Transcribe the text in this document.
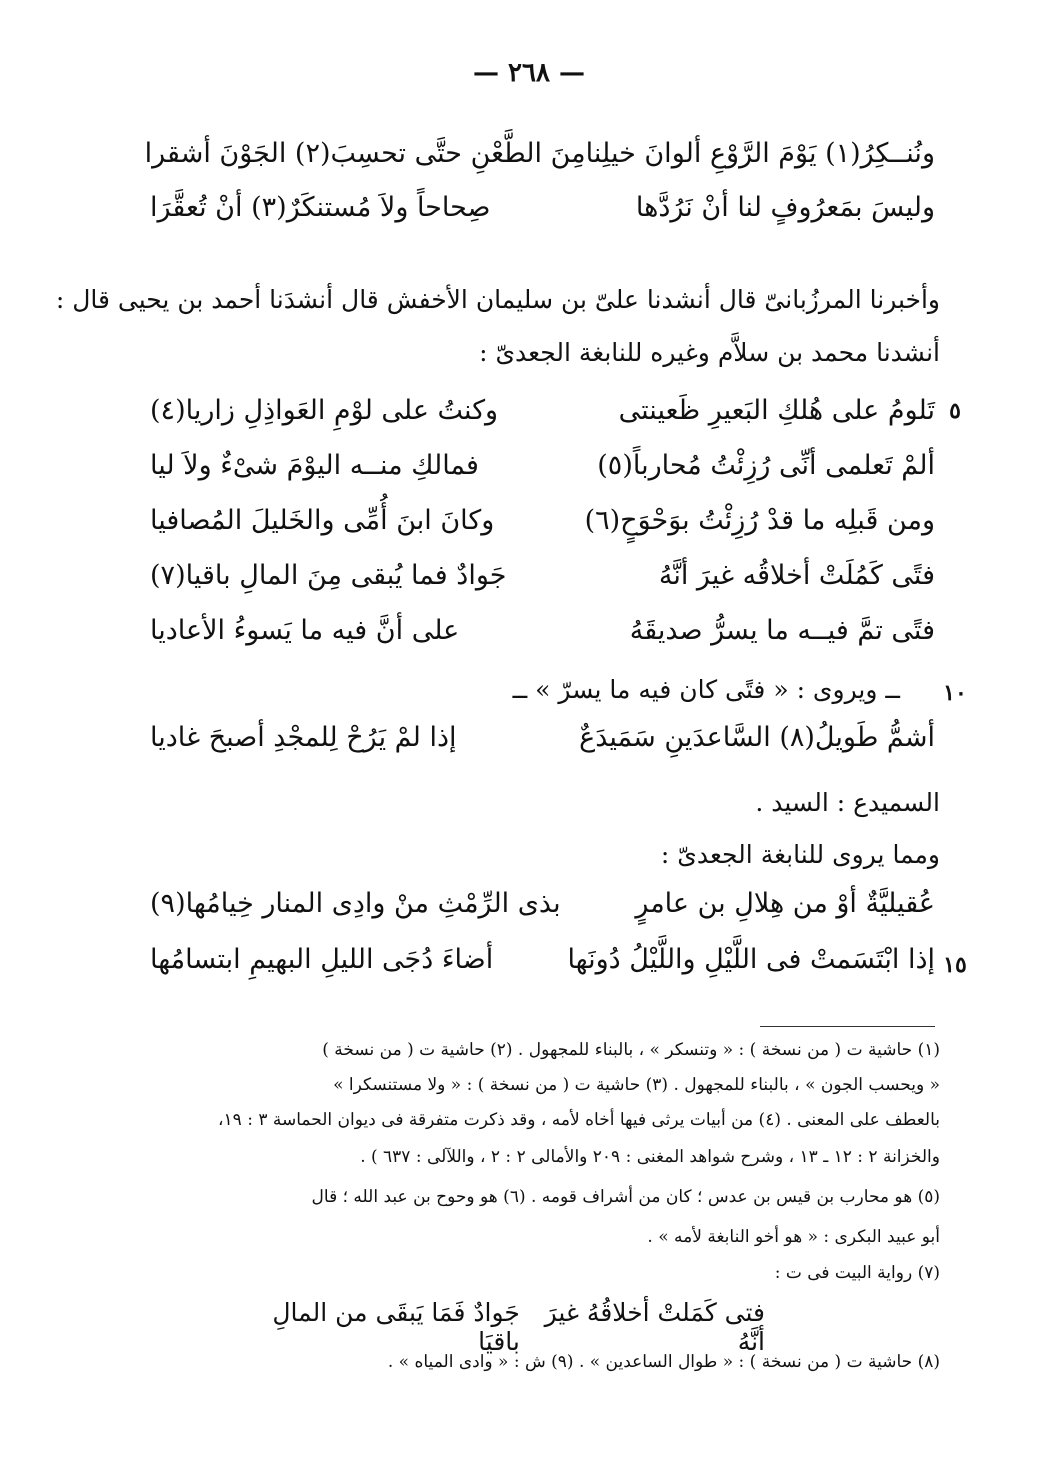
— ٢٦٨ —
ونُنــكِرُ(١) يَوْمَ الرَّوْعِ ألوانَ خيلِنا
مِنَ الطَّعْنِ حتَّى تحسِبَ(٢) الجَوْنَ أشقرا
وليسَ بمَعرُوفٍ لنا أنْ نَرُدَّها
صِحاحاً ولاَ مُستنكَرٌ(٣) أنْ تُعقَّرَا
وأخبرنا المرزُبانىّ قال أنشدنا علىّ بن سليمان الأخفش قال أنشدَنا أحمد بن يحيى قال :
أنشدنا محمد بن سلاَّم وغيره للنابغة الجعدىّ :
تَلومُ على هُلكِ البَعيرِ ظَعينتى
وكنتُ على لوْمِ العَواذِلِ زاريا(٤)	٥
ألمْ تَعلمى أنِّى رُزِئْتُ مُحارباً(٥)
فمالكِ منــه اليوْمَ شىْءٌ ولاَ ليا
ومن قَبلِه ما قدْ رُزِئْتُ بوَحْوَحٍ(٦)
وكانَ ابنَ أُمِّى والخَليلَ المُصافيا
فتًى كَمُلَتْ أخلاقُه غيرَ أنَّهُ
جَوادٌ فما يُبقى مِنَ المالِ باقيا(٧)
فتًى تمَّ فيــه ما يسرُّ صديقَهُ
على أنَّ فيه ما يَسوءُ الأعاديا
ــ ويروى : « فتًى كان فيه ما يسرّ » ــ	١٠
أشمُّ طَويلُ(٨) السَّاعدَينِ سَمَيدَعٌ
إذا لمْ يَرُحْ لِلمجْدِ أصبحَ غاديا
السميدع : السيد .
ومما يروى للنابغة الجعدىّ :
عُقيليَّةٌ أوْ من هِلالِ بن عامرٍ
بذى الرِّمْثِ منْ وادِى المنار خِيامُها(٩)
إذا ابْتَسَمتْ فى اللَّيْلِ واللَّيْلُ دُونَها
أضاءَ دُجَى الليلِ البهيمِ ابتسامُها	١٥
(١) حاشية ت ( من نسخة ) : « وتنسكر » ، بالبناء للمجهول . (٢) حاشية ت ( من نسخة )
« ويحسب الجون » ، بالبناء للمجهول . (٣) حاشية ت ( من نسخة ) : « ولا مستنسكرا »
بالعطف على المعنى . (٤) من أبيات يرثى فيها أخاه لأمه ، وقد ذكرت متفرقة فى ديوان الحماسة ٣ : ١٩،
والخزانة ٢ : ١٢ ـ ١٣ ، وشرح شواهد المغنى : ٢٠٩ والأمالى ٢ : ٢ ، واللآلى : ٦٣٧ ) .
(٥) هو محارب بن قيس بن عدس ؛ كان من أشراف قومه . (٦) هو وحوح بن عبد الله ؛ قال
أبو عبيد البكرى : « هو أخو النابغة لأمه » .
(٧) رواية البيت فى ت :
فتى كَمَلتْ أخلاقُهُ غيرَ أنَّهُ
جَوادٌ فَمَا يَبقَى من المالِ باقيَا
(٨) حاشية ت ( من نسخة ) : « طوال الساعدين » . (٩) ش : « وادى المياه » .
